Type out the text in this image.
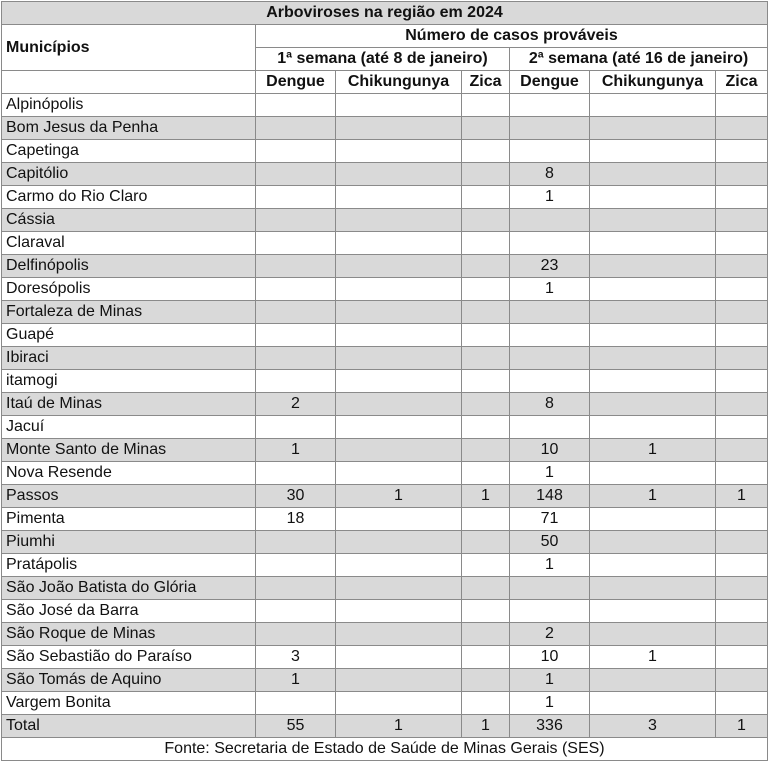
Arboviroses na região em 2024						
Municípios	Número de casos prováveis					
	1ª semana (até 8 de janeiro)			2ª semana (até 16 de janeiro)		
	Dengue	Chikungunya	Zica	Dengue	Chikungunya	Zica
Alpinópolis						
Bom Jesus da Penha						
Capetinga						
Capitólio				8		
Carmo do Rio Claro				1		
Cássia						
Claraval						
Delfinópolis				23		
Doresópolis				1		
Fortaleza de Minas						
Guapé						
Ibiraci						
itamogi						
Itaú de Minas	2			8		
Jacuí						
Monte Santo de Minas	1			10	1	
Nova Resende				1		
Passos	30	1	1	148	1	1
Pimenta	18			71		
Piumhi				50		
Pratápolis				1		
São João Batista do Glória						
São José da Barra						
São Roque de Minas				2		
São Sebastião do Paraíso	3			10	1	
São Tomás de Aquino	1			1		
Vargem Bonita				1		
Total	55	1	1	336	3	1
Fonte: Secretaria de Estado de Saúde de Minas Gerais (SES)						
